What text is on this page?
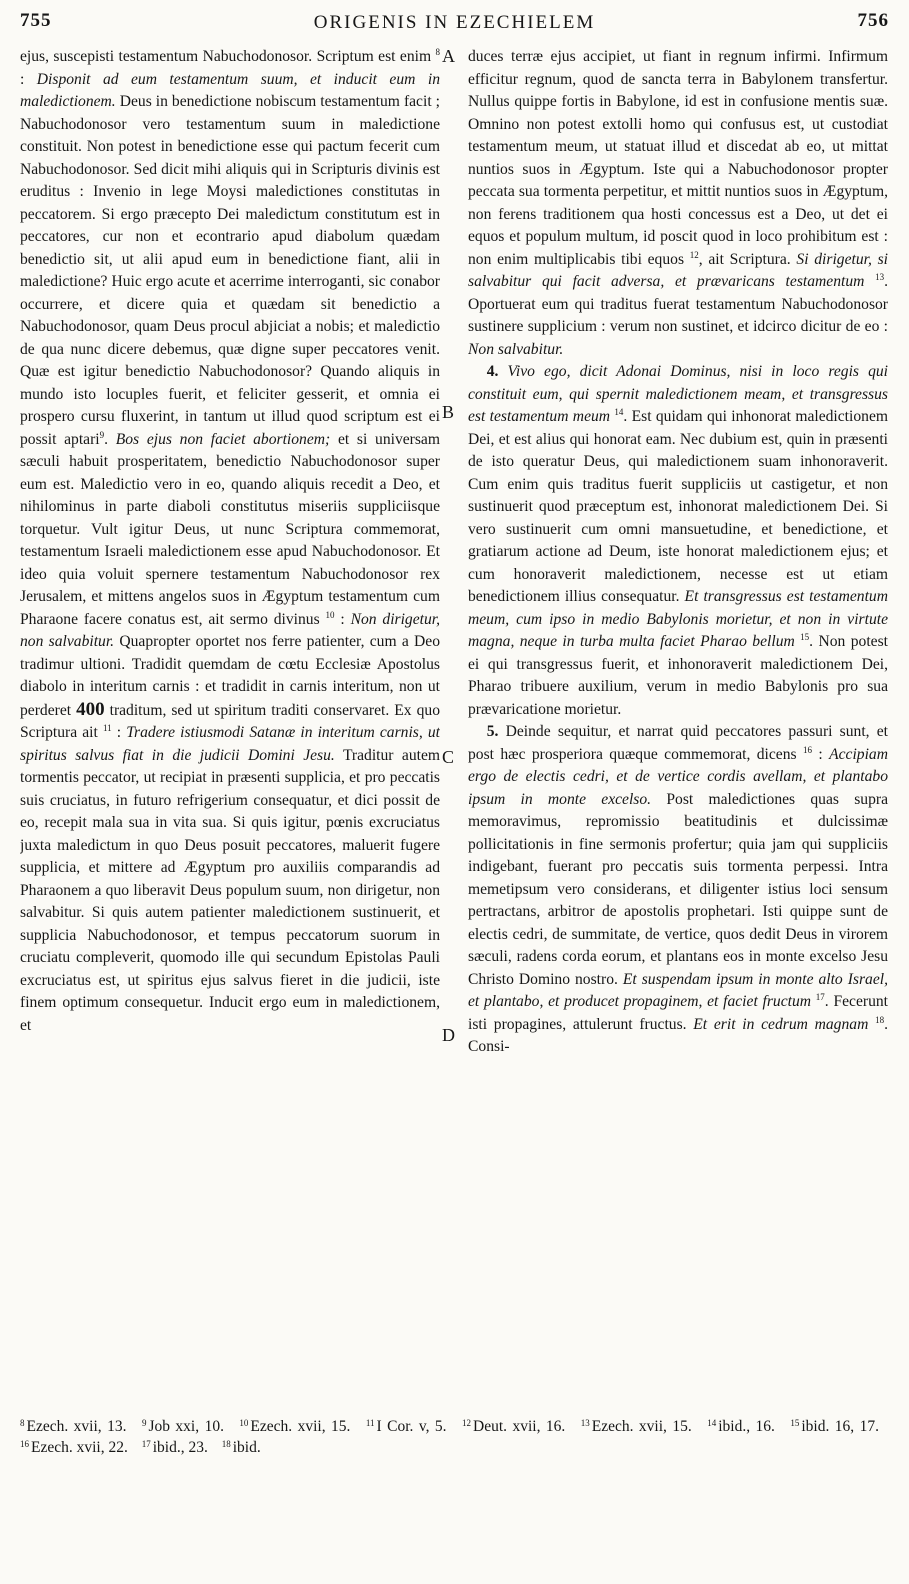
755	ORIGENIS IN EZECHIELEM	756
A
B
C
D

ejus, suscepisti testamentum Nabuchodonosor. Scriptum est enim $^8$ : Disponit ad eum testamentum suum, et inducit eum in maledictionem. Deus in benedictione nobiscum testamentum facit ; Nabuchodonosor vero testamentum suum in maledictione constituit. Non potest in benedictione esse qui pactum fecerit cum Nabuchodonosor. Sed dicit mihi aliquis qui in Scripturis divinis est eruditus : Invenio in lege Moysi maledictiones constitutas in peccatorem. Si ergo præcepto Dei maledictum constitutum est in peccatores, cur non et econtrario apud diabolum quædam benedictio sit, ut alii apud eum in benedictione fiant, alii in maledictione? Huic ergo acute et acerrime interroganti, sic conabor occurrere, et dicere quia et quædam sit benedictio a Nabuchodonosor, quam Deus procul abjiciat a nobis; et maledictio de qua nunc dicere debemus, quæ digne super peccatores venit. Quæ est igitur benedictio Nabuchodonosor? Quando aliquis in mundo isto locuples fuerit, et feliciter gesserit, et omnia ei prospero cursu fluxerint, in tantum ut illud quod scriptum est ei possit aptari$^9$. Bos ejus non faciet abortionem; et si universam sæculi habuit prosperitatem, benedictio Nabuchodonosor super eum est. Maledictio vero in eo, quando aliquis recedit a Deo, et nihilominus in parte diaboli constitutus miseriis suppliciisque torquetur. Vult igitur Deus, ut nunc Scriptura commemorat, testamentum Israeli maledictionem esse apud Nabuchodonosor. Et ideo quia voluit spernere testamentum Nabuchodonosor rex Jerusalem, et mittens angelos suos in Ægyptum testamentum cum Pharaone facere conatus est, ait sermo divinus $^{10}$ : Non dirigetur, non salvabitur. Quapropter oportet nos ferre patienter, cum a Deo tradimur ultioni. Tradidit quemdam de cœtu Ecclesiæ Apostolus diabolo in interitum carnis : et tradidit in carnis interitum, non ut perderet 400 traditum, sed ut spiritum traditi conservaret. Ex quo Scriptura ait $^{11}$ : Tradere istiusmodi Satanæ in interitum carnis, ut spiritus salvus fiat in die judicii Domini Jesu. Traditur autem tormentis peccator, ut recipiat in præsenti supplicia, et pro peccatis suis cruciatus, in futuro refrigerium consequatur, et dici possit de eo, recepit mala sua in vita sua. Si quis igitur, pœnis excruciatus juxta maledictum in quo Deus posuit peccatores, maluerit fugere supplicia, et mittere ad Ægyptum pro auxiliis comparandis ad Pharaonem a quo liberavit Deus populum suum, non dirigetur, non salvabitur. Si quis autem patienter maledictionem sustinuerit, et supplicia Nabuchodonosor, et tempus peccatorum suorum in cruciatu compleverit, quomodo ille qui secundum Epistolas Pauli excruciatus est, ut spiritus ejus salvus fieret in die judicii, iste finem optimum consequetur. Inducit ergo eum in maledictionem, et

duces terræ ejus accipiet, ut fiant in regnum infirmi. Infirmum efficitur regnum, quod de sancta terra in Babylonem transfertur. Nullus quippe fortis in Babylone, id est in confusione mentis suæ. Omnino non potest extolli homo qui confusus est, ut custodiat testamentum meum, ut statuat illud et discedat ab eo, ut mittat nuntios suos in Ægyptum. Iste qui a Nabuchodonosor propter peccata sua tormenta perpetitur, et mittit nuntios suos in Ægyptum, non ferens traditionem qua hosti concessus est a Deo, ut det ei equos et populum multum, id poscit quod in loco prohibitum est : non enim multiplicabis tibi equos $^{12}$, ait Scriptura. Si dirigetur, si salvabitur qui facit adversa, et prævaricans testamentum $^{13}$. Oportuerat eum qui traditus fuerat testamentum Nabuchodonosor sustinere supplicium : verum non sustinet, et idcirco dicitur de eo : Non salvabitur.

4. Vivo ego, dicit Adonai Dominus, nisi in loco regis qui constituit eum, qui spernit maledictionem meam, et transgressus est testamentum meum $^{14}$. Est quidam qui inhonorat maledictionem Dei, et est alius qui honorat eam. Nec dubium est, quin in præsenti de isto queratur Deus, qui maledictionem suam inhonoraverit. Cum enim quis traditus fuerit suppliciis ut castigetur, et non sustinuerit quod præceptum est, inhonorat maledictionem Dei. Si vero sustinuerit cum omni mansuetudine, et benedictione, et gratiarum actione ad Deum, iste honorat maledictionem ejus; et cum honoraverit maledictionem, necesse est ut etiam benedictionem illius consequatur. Et transgressus est testamentum meum, cum ipso in medio Babylonis morietur, et non in virtute magna, neque in turba multa faciet Pharao bellum $^{15}$. Non potest ei qui transgressus fuerit, et inhonoraverit maledictionem Dei, Pharao tribuere auxilium, verum in medio Babylonis pro sua prævaricatione morietur.

5. Deinde sequitur, et narrat quid peccatores passuri sunt, et post hæc prosperiora quæque commemorat, dicens $^{16}$ : Accipiam ergo de electis cedri, et de vertice cordis avellam, et plantabo ipsum in monte excelso. Post maledictiones quas supra memoravimus, repromissio beatitudinis et dulcissimæ pollicitationis in fine sermonis profertur; quia jam qui suppliciis indigebant, fuerant pro peccatis suis tormenta perpessi. Intra memetipsum vero considerans, et diligenter istius loci sensum pertractans, arbitror de apostolis prophetari. Isti quippe sunt de electis cedri, de summitate, de vertice, quos dedit Deus in virorem sæculi, radens corda eorum, et plantans eos in monte excelso Jesu Christo Domino nostro. Et suspendam ipsum in monte alto Israel, et plantabo, et producet propaginem, et faciet fructum $^{17}$. Fecerunt isti propagines, attulerunt fructus. Et erit in cedrum magnam $^{18}$. Consi-

$^8$ Ezech. xvii, 13. $^9$ Job xxi, 10. $^{10}$ Ezech. xvii, 15. $^{11}$ I Cor. v, 5. $^{12}$ Deut. xvii, 16. $^{13}$ Ezech. xvii, 15. $^{14}$ ibid., 16. $^{15}$ ibid. 16, 17. $^{16}$ Ezech. xvii, 22. $^{17}$ ibid., 23. $^{18}$ ibid.
